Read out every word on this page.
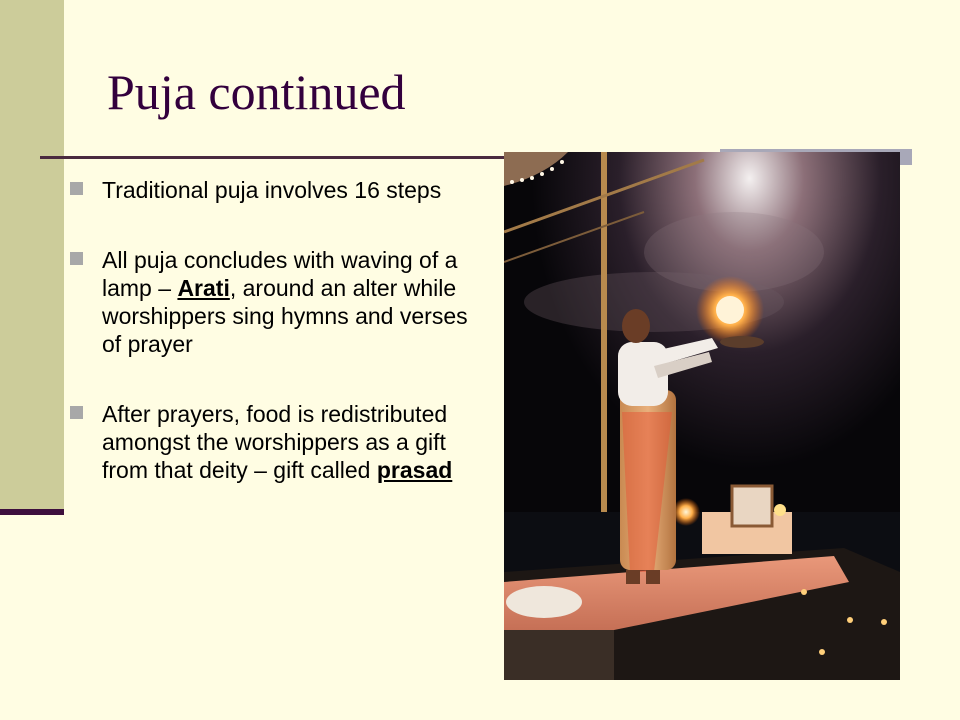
Puja continued
Traditional puja involves 16 steps
All puja concludes with waving of a lamp – Arati, around an alter while worshippers sing hymns and verses of prayer
After prayers, food is redistributed amongst the worshippers as a gift from that deity – gift called prasad
